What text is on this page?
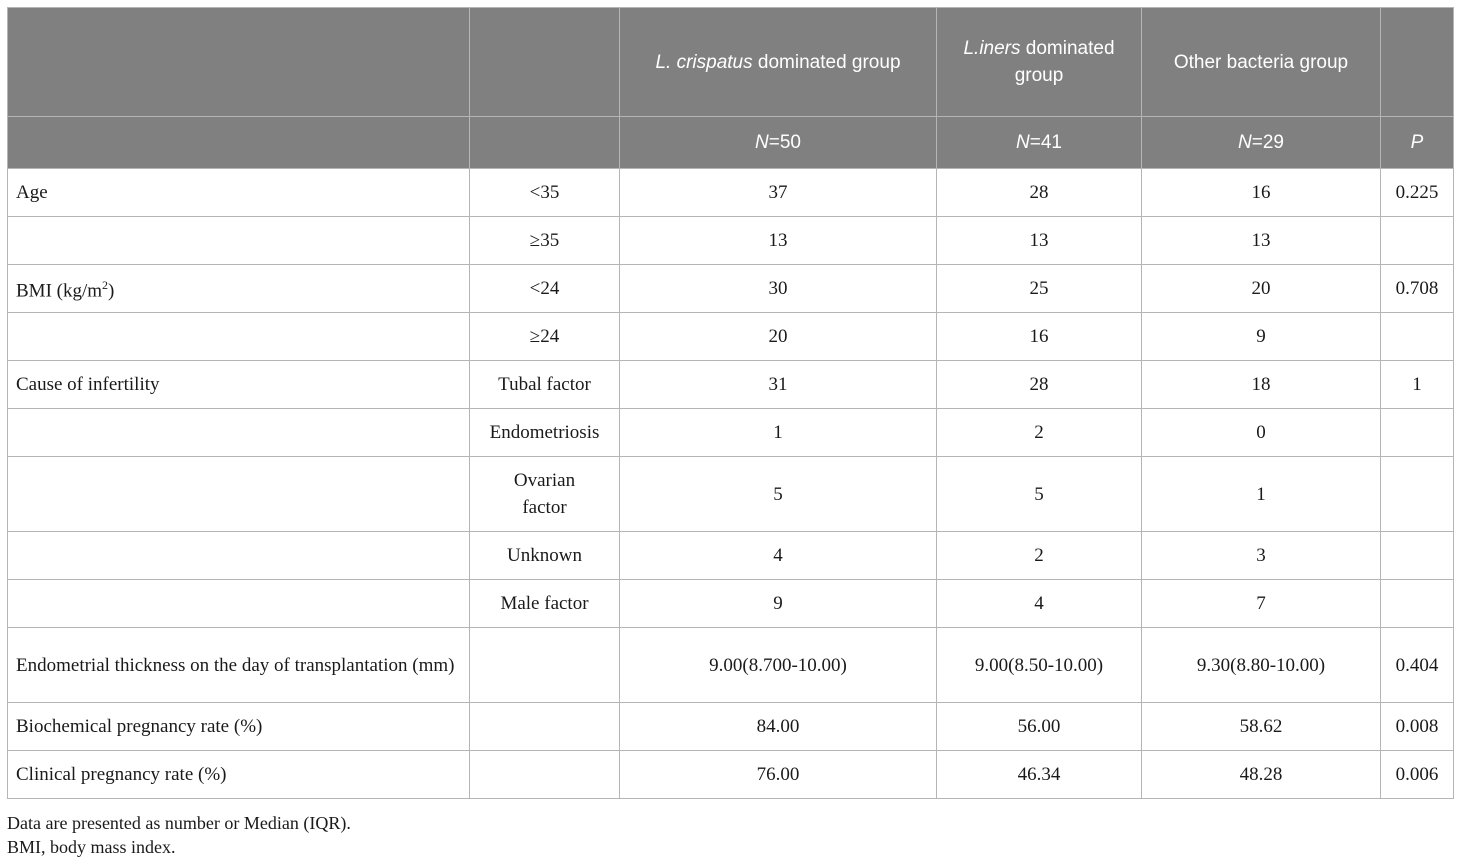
		L. crispatus dominated group	L.iners dominated group	Other bacteria group	
		N=50	N=41	N=29	P
Age	<35	37	28	16	0.225
	≥35	13	13	13	
BMI $(kg/m^2)$	<24	30	25	20	0.708
	≥24	20	16	9	
Cause of infertility	Tubal factor	31	28	18	1
	Endometriosis	1	2	0	
	Ovarian factor	5	5	1	
	Unknown	4	2	3	
	Male factor	9	4	7	
Endometrial thickness on the day of transplantation (mm)		9.00(8.700-10.00)	9.00(8.50-10.00)	9.30(8.80-10.00)	0.404
Biochemical pregnancy rate (%)		84.00	56.00	58.62	0.008
Clinical pregnancy rate (%)		76.00	46.34	48.28	0.006
Data are presented as number or Median (IQR).
BMI, body mass index.
